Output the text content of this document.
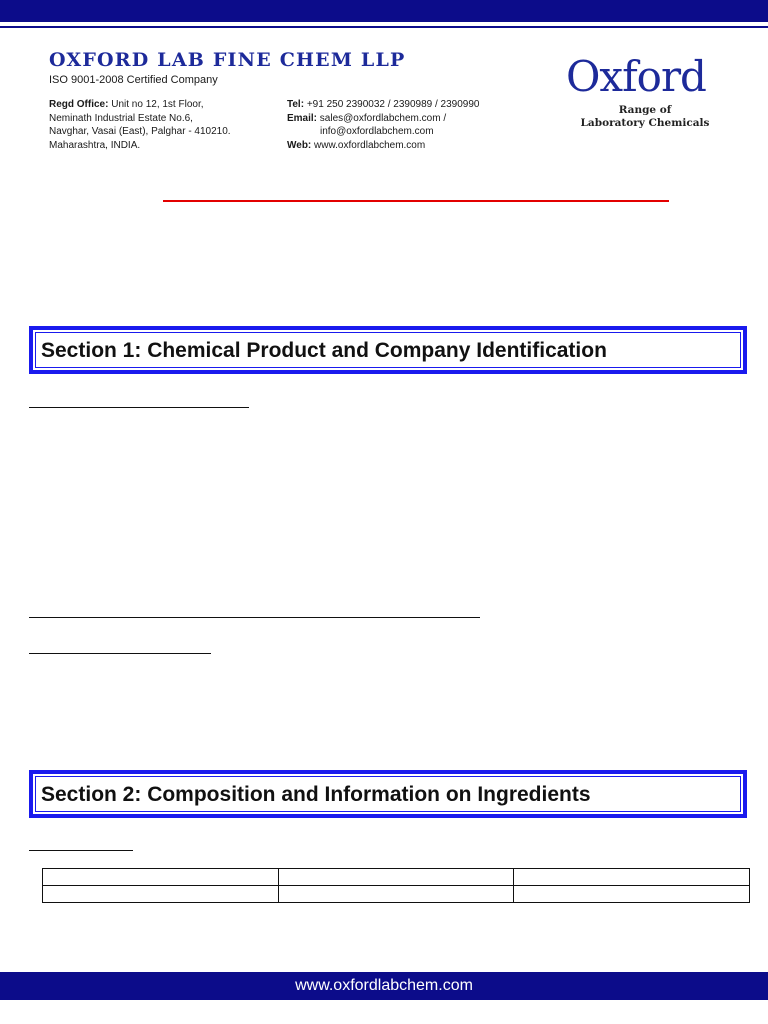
OXFORD LAB FINE CHEM LLP
ISO 9001-2008 Certified Company
Regd Office: Unit no 12, 1st Floor,
Neminath Industrial Estate No.6,
Navghar, Vasai (East), Palghar - 410210.
Maharashtra, INDIA.
Tel: +91 250 2390032 / 2390989 / 2390990
Email: sales@oxfordlabchem.com /
info@oxfordlabchem.com
Web: www.oxfordlabchem.com
Oxford
Range of
Laboratory Chemicals
Section 1: Chemical Product and Company Identification
Section 2: Composition and Information on Ingredients

www.oxfordlabchem.com
